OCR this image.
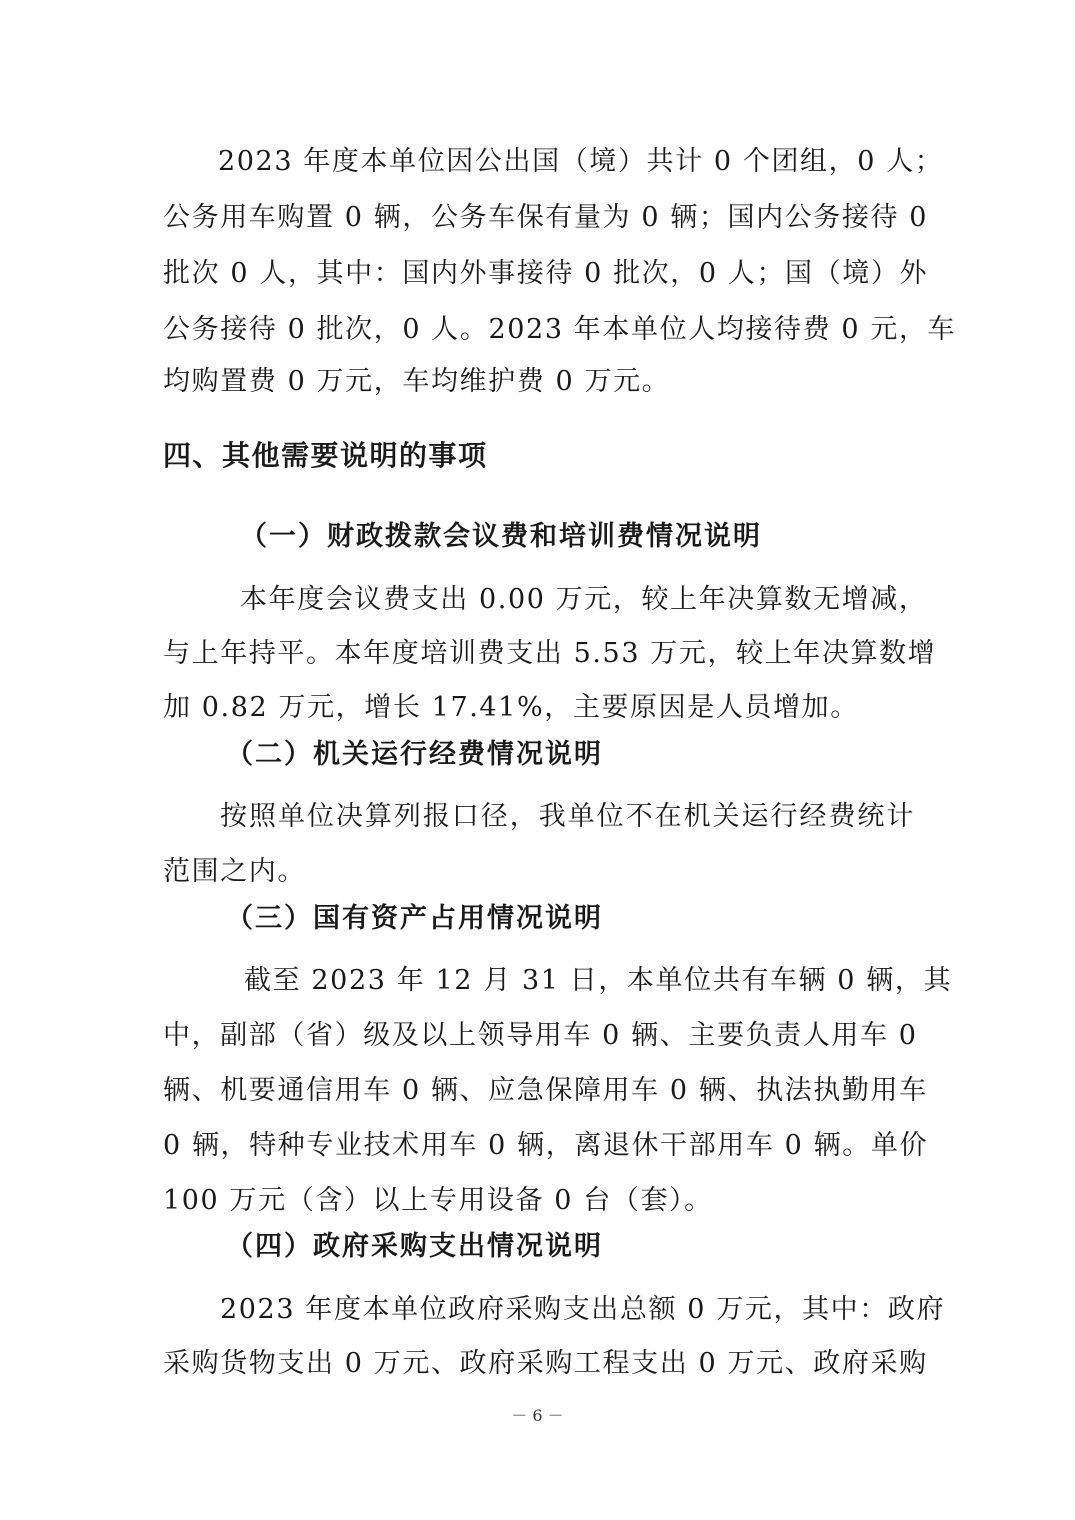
2023 年度本单位因公出国（境）共计 0 个团组，0 人；
公务用车购置 0 辆，公务车保有量为 0 辆；国内公务接待 0
批次 0 人，其中：国内外事接待 0 批次，0 人；国（境）外
公务接待 0 批次，0 人。2023 年本单位人均接待费 0 元，车
均购置费 0 万元，车均维护费 0 万元。
四、其他需要说明的事项
（一）财政拨款会议费和培训费情况说明
本年度会议费支出 0.00 万元，较上年决算数无增减，
与上年持平。本年度培训费支出 5.53 万元，较上年决算数增
加 0.82 万元，增长 17.41%，主要原因是人员增加。
（二）机关运行经费情况说明
按照单位决算列报口径，我单位不在机关运行经费统计
范围之内。
（三）国有资产占用情况说明
截至 2023 年 12 月 31 日，本单位共有车辆 0 辆，其
中，副部（省）级及以上领导用车 0 辆、主要负责人用车 0
辆、机要通信用车 0 辆、应急保障用车 0 辆、执法执勤用车
0 辆，特种专业技术用车 0 辆，离退休干部用车 0 辆。单价
100 万元（含）以上专用设备 0 台（套）。
（四）政府采购支出情况说明
2023 年度本单位政府采购支出总额 0 万元，其中：政府
采购货物支出 0 万元、政府采购工程支出 0 万元、政府采购
－ 6 －
